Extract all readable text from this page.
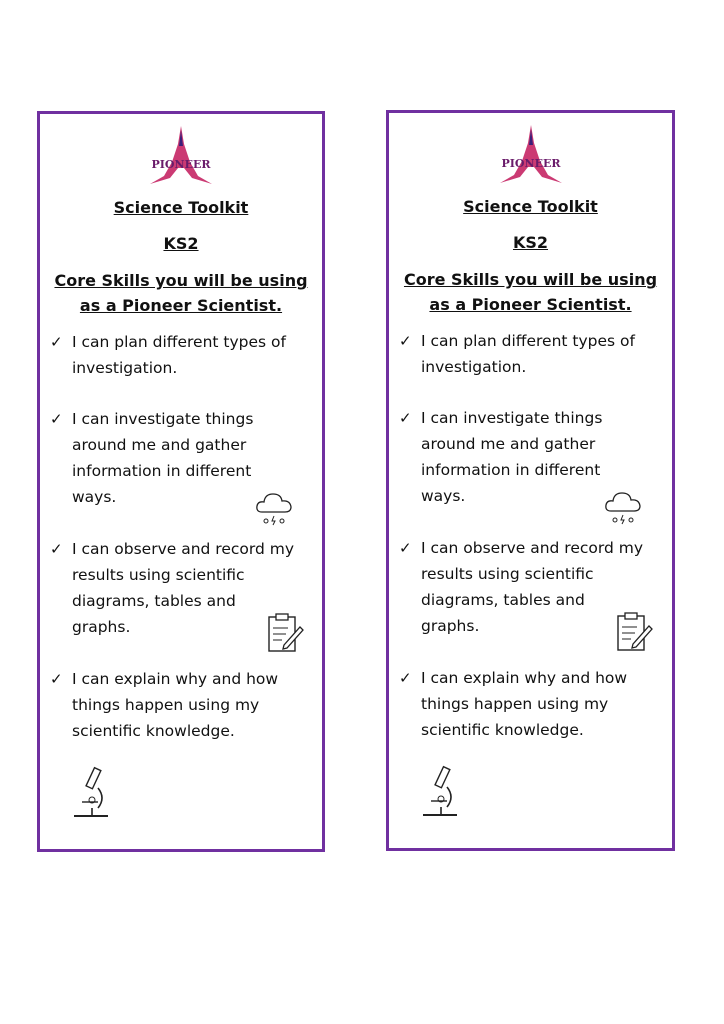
PIONEER
Science Toolkit
KS2
Core Skills you will be using
as a Pioneer Scientist.
✓ I can plan different types of
investigation.
✓ I can investigate things
around me and gather
information in different
ways.
✓ I can observe and record my
results using scientific
diagrams, tables and
graphs.
✓ I can explain why and how
things happen using my
scientific knowledge.
PIONEER
Science Toolkit
KS2
Core Skills you will be using
as a Pioneer Scientist.
✓ I can plan different types of
investigation.
✓ I can investigate things
around me and gather
information in different
ways.
✓ I can observe and record my
results using scientific
diagrams, tables and
graphs.
✓ I can explain why and how
things happen using my
scientific knowledge.
